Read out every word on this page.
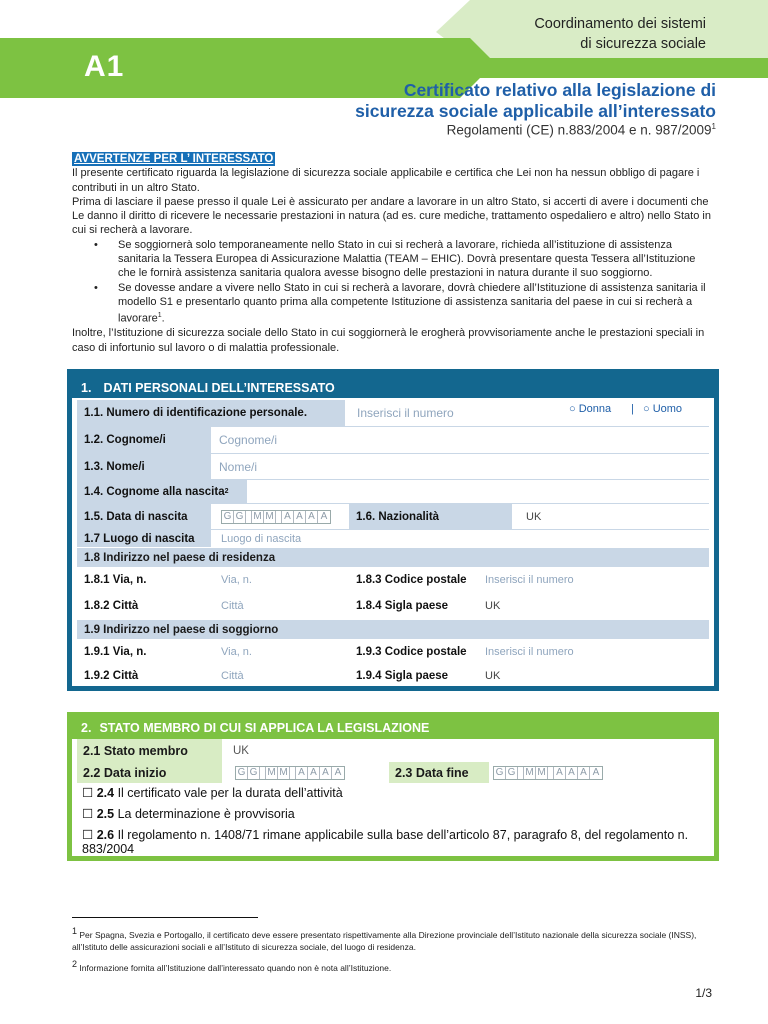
Coordinamento dei sistemi
di sicurezza sociale
A1
Certificato relativo alla legislazione di
sicurezza sociale applicabile all’interessato
Regolamenti (CE) n.883/2004 e n. 987/2009$^1$
AVVERTENZE PER L’ INTERESSATO
Il presente certificato riguarda la legislazione di sicurezza sociale applicabile e certifica che Lei non ha nessun obbligo di pagare i contributi in un altro Stato.
Prima di lasciare il paese presso il quale Lei è assicurato per andare a lavorare in un altro Stato, si accerti di avere i documenti che Le danno il diritto di ricevere le necessarie prestazioni in natura (ad es. cure mediche, trattamento ospedaliero e altro) nello Stato in cui si recherà a lavorare.
• Se soggiornerà solo temporaneamente nello Stato in cui si recherà a lavorare, richieda all’istituzione di assistenza sanitaria la Tessera Europea di Assicurazione Malattia (TEAM – EHIC). Dovrà presentare questa Tessera all’Istituzione che le fornirà assistenza sanitaria qualora avesse bisogno delle prestazioni in natura durante il suo soggiorno.
• Se dovesse andare a vivere nello Stato in cui si recherà a lavorare, dovrà chiedere all’Istituzione di assistenza sanitaria il modello S1 e presentarlo quanto prima alla competente Istituzione di assistenza sanitaria del paese in cui si recherà a lavorare$^1$.
Inoltre, l’Istituzione di sicurezza sociale dello Stato in cui soggiornerà le erogherà provvisoriamente anche le prestazioni speciali in caso di infortunio sul lavoro o di malattia professionale.
1. DATI PERSONALI DELL’INTERESSATO
1.1. Numero di identificazione personale.	Inserisci il numero	○ Donna | ○ Uomo
1.2. Cognome/i	Cognome/i
1.3. Nome/i	Nome/i
1.4. Cognome alla nascita 2
1.5. Data di nascita	G G M M A A A A	1.6. Nazionalità	UK
1.7 Luogo di nascita	Luogo di nascita
1.8 Indirizzo nel paese di residenza
1.8.1 Via, n.	Via, n.	1.8.3 Codice postale	Inserisci il numero
1.8.2 Città	Città	1.8.4 Sigla paese	UK
1.9 Indirizzo nel paese di soggiorno
1.9.1 Via, n.	Via, n.	1.9.3 Codice postale	Inserisci il numero
1.9.2 Città	Città	1.9.4 Sigla paese	UK
2. STATO MEMBRO DI CUI SI APPLICA LA LEGISLAZIONE
2.1 Stato membro	UK
2.2 Data inizio	G G M M A A A A	2.3 Data fine	G G M M A A A A
☐ 2.4 Il certificato vale per la durata dell’attività
☐ 2.5 La determinazione è provvisoria
☐ 2.6 Il regolamento n. 1408/71 rimane applicabile sulla base dell’articolo 87, paragrafo 8, del regolamento n. 883/2004
$^1$ Per Spagna, Svezia e Portogallo, il certificato deve essere presentato rispettivamente alla Direzione provinciale dell’Istituto nazionale della sicurezza sociale (INSS), all’Istituto delle assicurazioni sociali e all’Istituto di sicurezza sociale, del luogo di residenza.
$^2$ Informazione fornita all’Istituzione dall’interessato quando non è nota all’Istituzione.
1/3
